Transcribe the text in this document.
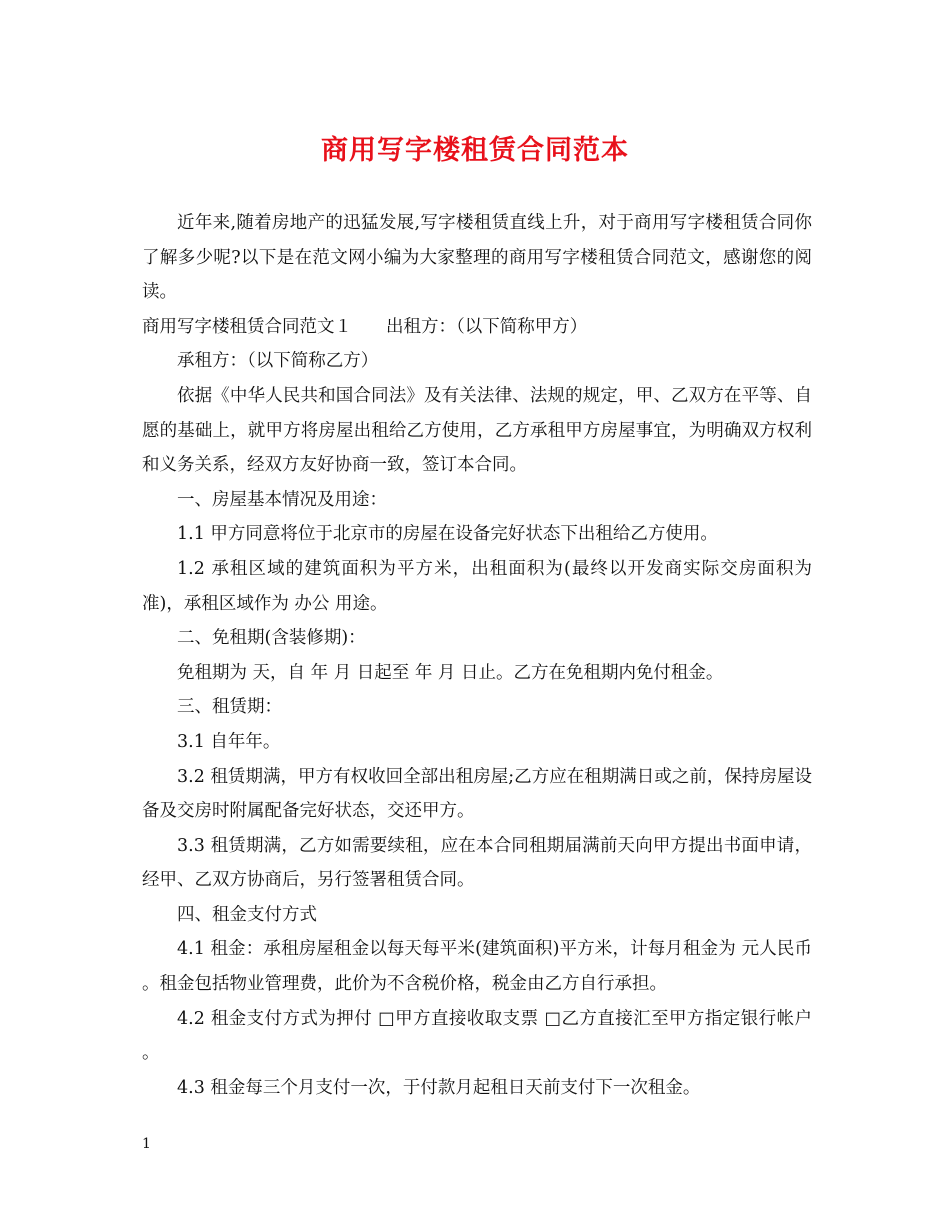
商用写字楼租赁合同范本

近年来,随着房地产的迅猛发展,写字楼租赁直线上升，对于商用写字楼租赁合同你了解多少呢?以下是在范文网小编为大家整理的商用写字楼租赁合同范文，感谢您的阅读。

商用写字楼租赁合同范文１ 出租方：（以下简称甲方）

承租方：（以下简称乙方）

依据《中华人民共和国合同法》及有关法律、法规的规定，甲、乙双方在平等、自愿的基础上，就甲方将房屋出租给乙方使用，乙方承租甲方房屋事宜，为明确双方权利和义务关系，经双方友好协商一致，签订本合同。

一、房屋基本情况及用途：

1.1 甲方同意将位于北京市的房屋在设备完好状态下出租给乙方使用。

1.2 承租区域的建筑面积为平方米，出租面积为(最终以开发商实际交房面积为准)，承租区域作为 办公 用途。

二、免租期(含装修期)：

免租期为 天，自 年 月 日起至 年 月 日止。乙方在免租期内免付租金。

三、租赁期：

3.1 自年年。

3.2 租赁期满，甲方有权收回全部出租房屋;乙方应在租期满日或之前，保持房屋设备及交房时附属配备完好状态，交还甲方。

3.3 租赁期满，乙方如需要续租，应在本合同租期届满前天向甲方提出书面申请，经甲、乙双方协商后，另行签署租赁合同。

四、租金支付方式

4.1 租金：承租房屋租金以每天每平米(建筑面积)平方米，计每月租金为 元人民币 。租金包括物业管理费，此价为不含税价格，税金由乙方自行承担。

4.2 租金支付方式为押付 □甲方直接收取支票 □乙方直接汇至甲方指定银行帐户 。

4.3 租金每三个月支付一次，于付款月起租日天前支付下一次租金。

1
